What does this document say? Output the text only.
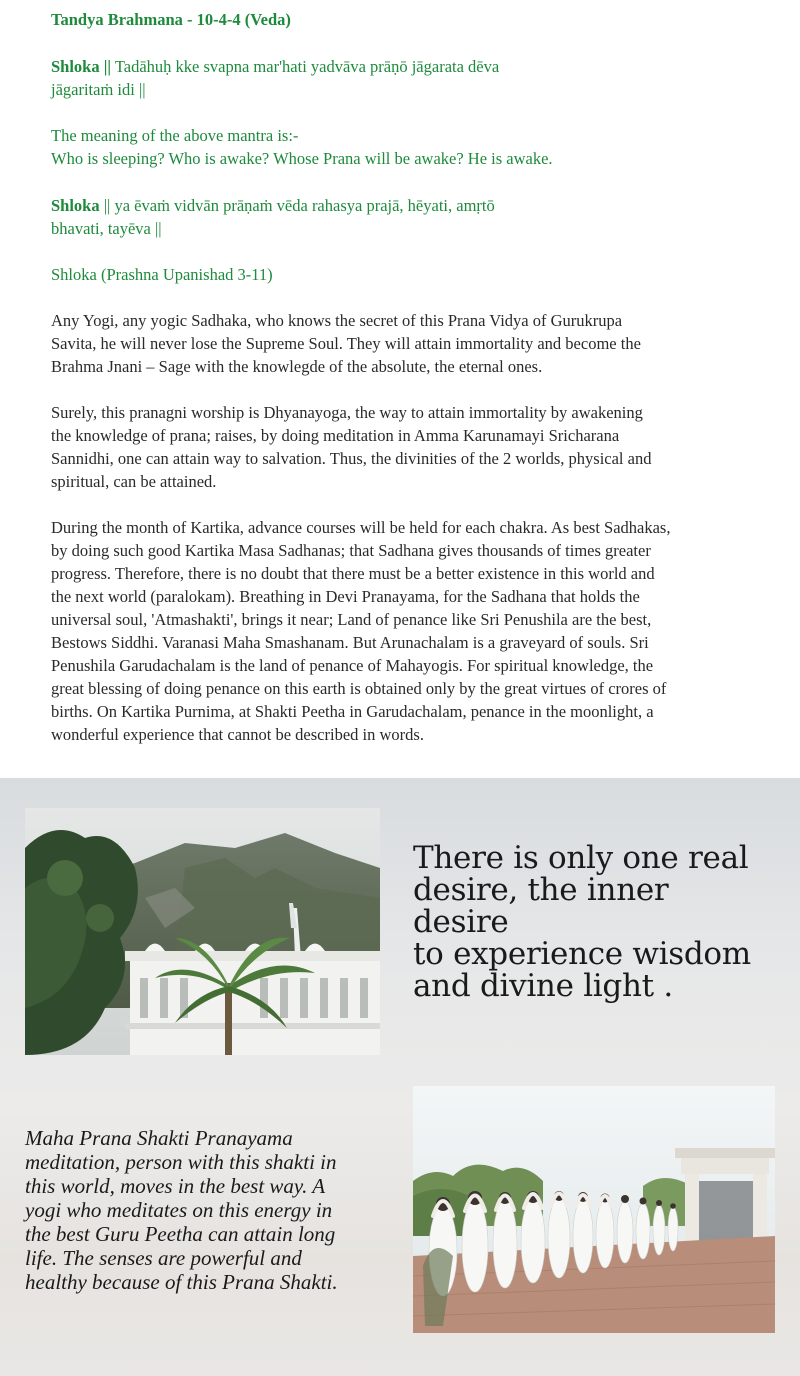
Tandya Brahmana - 10-4-4 (Veda)
Shloka || Tadāhuḥ kke svapna mar'hati yadvāva prāṇō jāgarata dēva
jāgaritaṁ idi ||
The meaning of the above mantra is:-
Who is sleeping? Who is awake? Whose Prana will be awake? He is awake.
Shloka || ya ēvaṁ vidvān prāṇaṁ vēda rahasya prajā, hēyati, amṛtō
bhavati, tayēva ||
Shloka (Prashna Upanishad 3-11)
Any Yogi, any yogic Sadhaka, who knows the secret of this Prana Vidya of Gurukrupa
Savita, he will never lose the Supreme Soul. They will attain immortality and become the
Brahma Jnani – Sage with the knowlegde of the absolute, the eternal ones.
Surely, this pranagni worship is Dhyanayoga, the way to attain immortality by awakening
the knowledge of prana; raises, by doing meditation in Amma Karunamayi Sricharana
Sannidhi, one can attain way to salvation. Thus, the divinities of the 2 worlds, physical and
spiritual, can be attained.
During the month of Kartika, advance courses will be held for each chakra. As best Sadhakas,
by doing such good Kartika Masa Sadhanas; that Sadhana gives thousands of times greater
progress. Therefore, there is no doubt that there must be a better existence in this world and
the next world (paralokam). Breathing in Devi Pranayama, for the Sadhana that holds the
universal soul, 'Atmashakti', brings it near; Land of penance like Sri Penushila are the best,
Bestows Siddhi. Varanasi Maha Smashanam. But Arunachalam is a graveyard of souls. Sri
Penushila Garudachalam is the land of penance of Mahayogis. For spiritual knowledge, the
great blessing of doing penance on this earth is obtained only by the great virtues of crores of
births. On Kartika Purnima, at Shakti Peetha in Garudachalam, penance in the moonlight, a
wonderful experience that cannot be described in words.
There is only one real
desire, the inner desire
to experience wisdom
and divine light .
Maha Prana Shakti Pranayama
meditation, person with this shakti in
this world, moves in the best way. A
yogi who meditates on this energy in
the best Guru Peetha can attain long
life. The senses are powerful and
healthy because of this Prana Shakti.
